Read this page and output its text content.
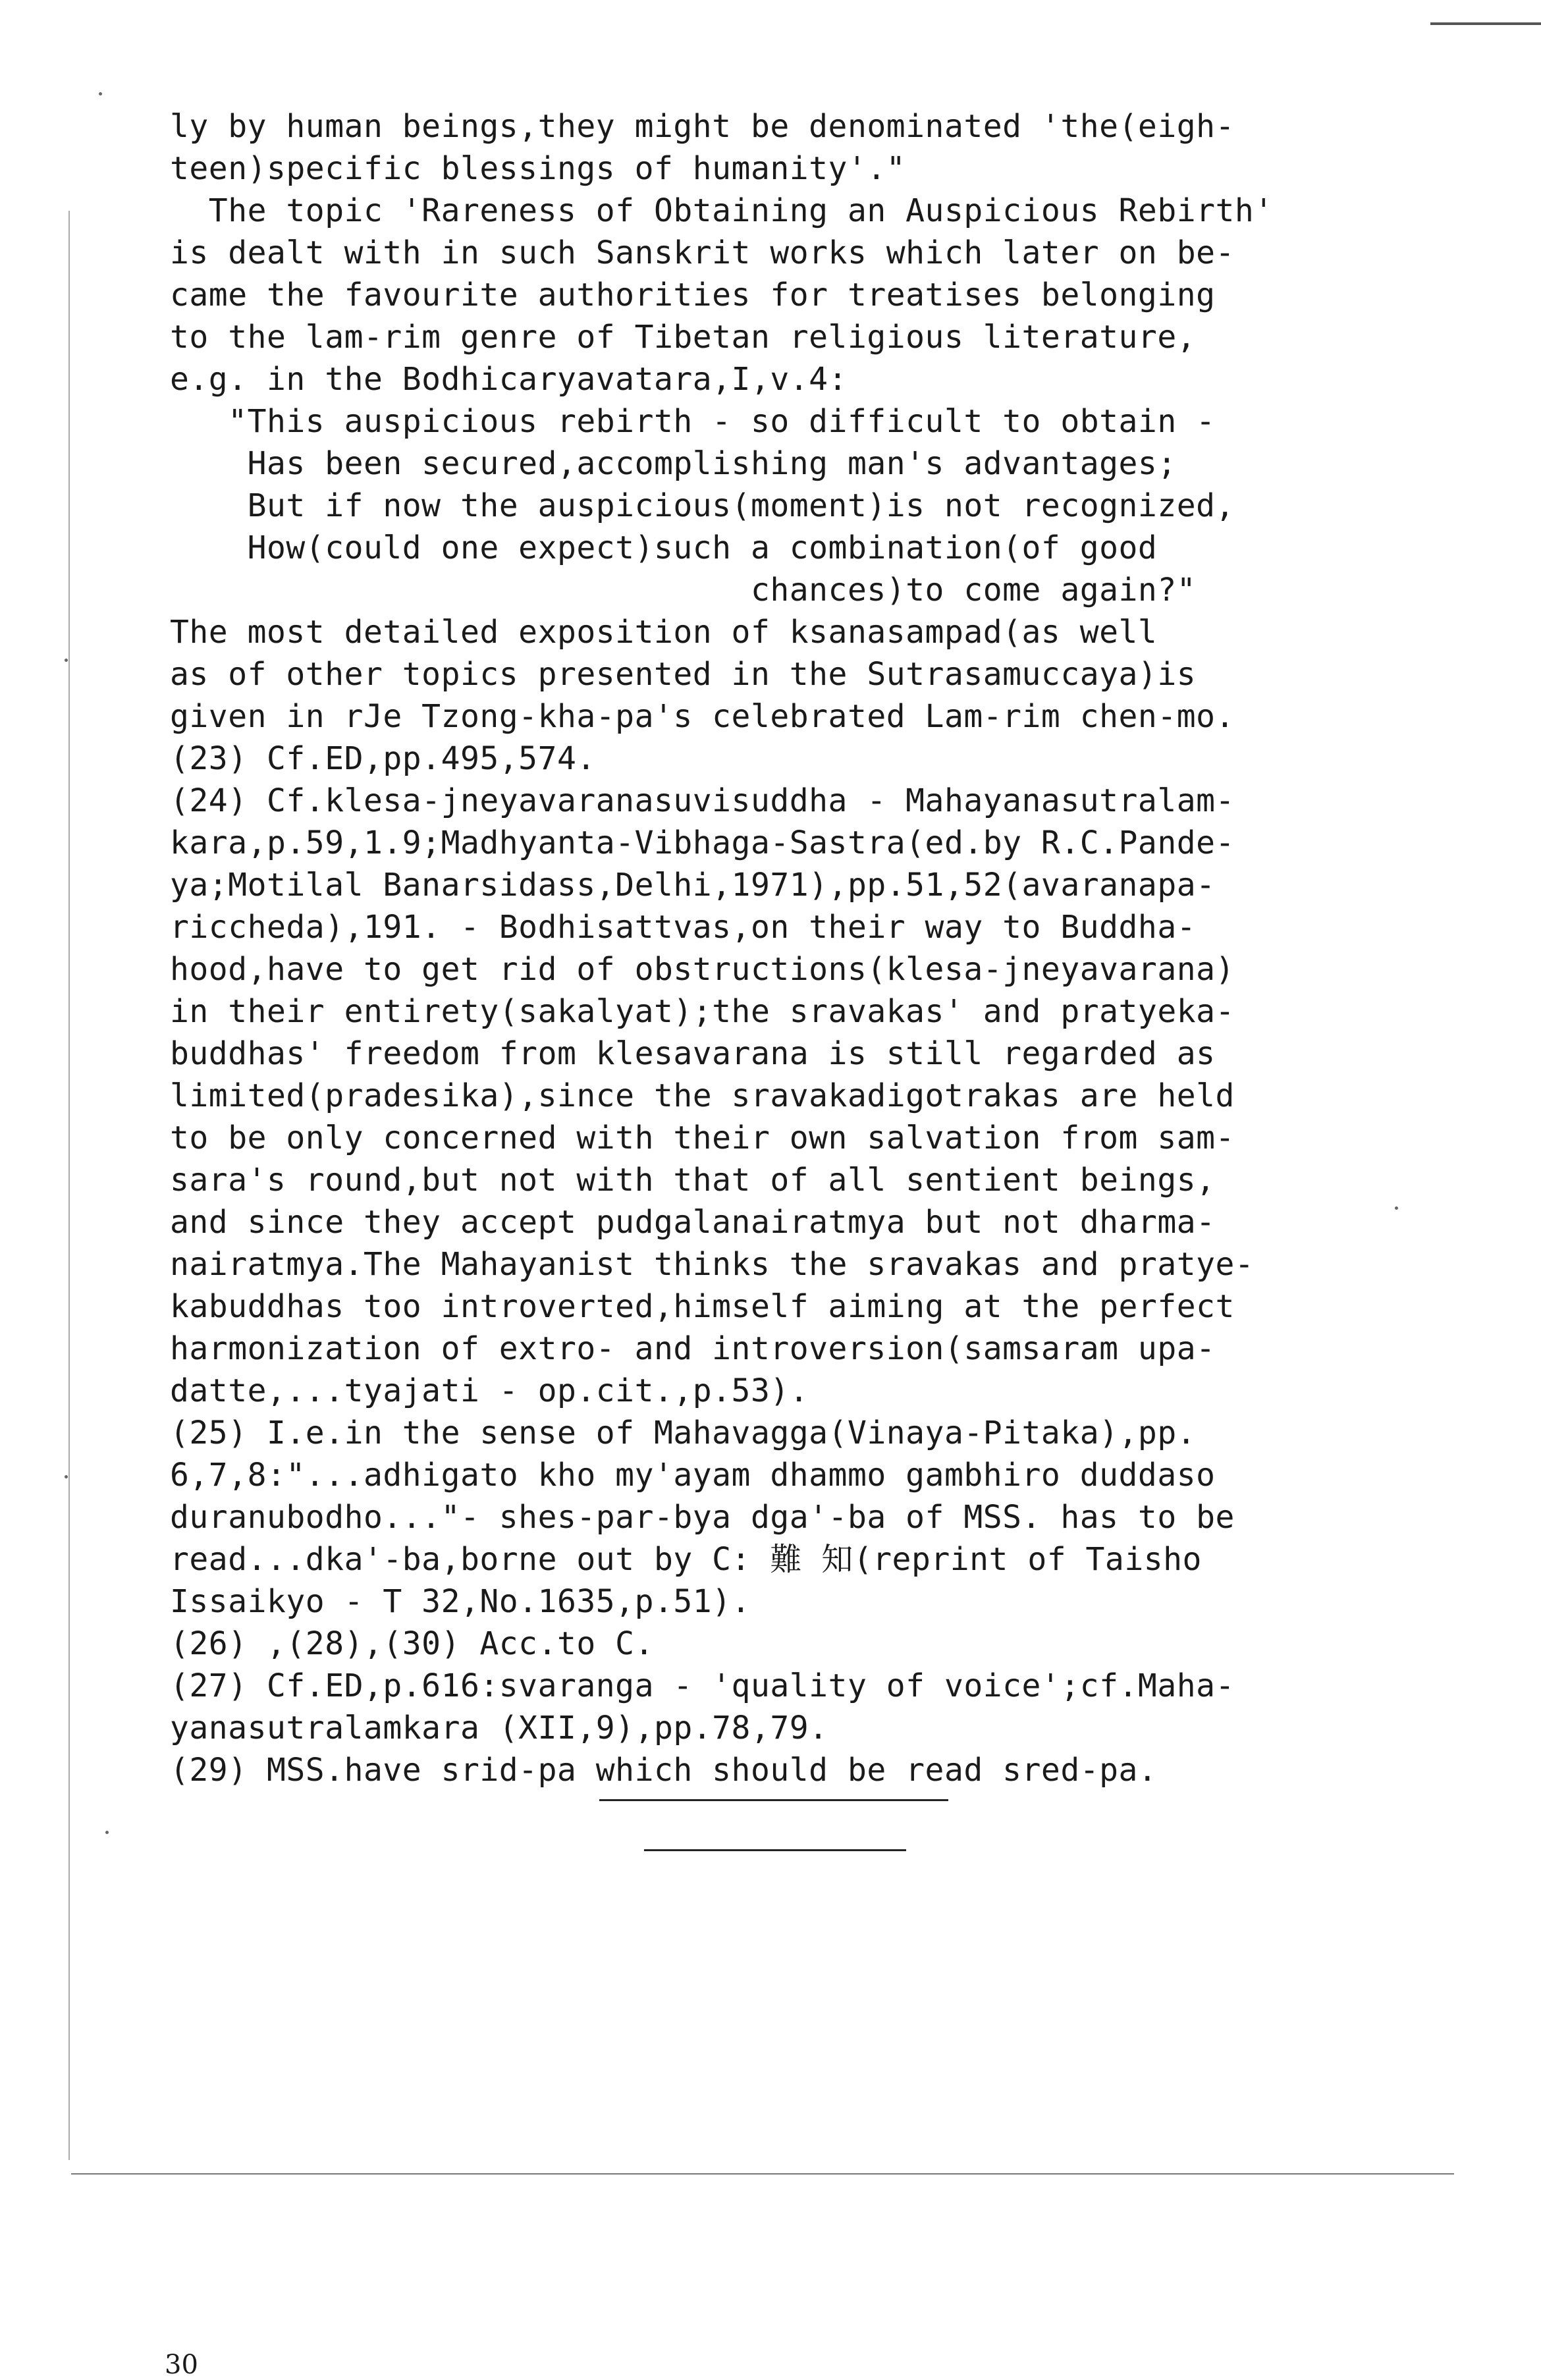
ly by human beings,they might be denominated 'the(eigh-
teen)specific blessings of humanity'."
The topic 'Rareness of Obtaining an Auspicious Rebirth'
is dealt with in such Sanskrit works which later on be-
came the favourite authorities for treatises belonging
to the lam-rim genre of Tibetan religious literature,
e.g. in the Bodhicaryavatara,I,v.4:
"This auspicious rebirth - so difficult to obtain -
Has been secured,accomplishing man's advantages;
But if now the auspicious(moment)is not recognized,
How(could one expect)such a combination(of good
chances)to come again?"
The most detailed exposition of ksanasampad(as well
as of other topics presented in the Sutrasamuccaya)is
given in rJe Tzong-kha-pa's celebrated Lam-rim chen-mo.
(23) Cf.ED,pp.495,574.
(24) Cf.klesa-jneyavaranasuvisuddha - Mahayanasutralam-
kara,p.59,1.9;Madhyanta-Vibhaga-Sastra(ed.by R.C.Pande-
ya;Motilal Banarsidass,Delhi,1971),pp.51,52(avaranapa-
riccheda),191. - Bodhisattvas,on their way to Buddha-
hood,have to get rid of obstructions(klesa-jneyavarana)
in their entirety(sakalyat);the sravakas' and pratyeka-
buddhas' freedom from klesavarana is still regarded as
limited(pradesika),since the sravakadigotrakas are held
to be only concerned with their own salvation from sam-
sara's round,but not with that of all sentient beings,
and since they accept pudgalanairatmya but not dharma-
nairatmya.The Mahayanist thinks the sravakas and pratye-
kabuddhas too introverted,himself aiming at the perfect
harmonization of extro- and introversion(samsaram upa-
datte,...tyajati - op.cit.,p.53).
(25) I.e.in the sense of Mahavagga(Vinaya-Pitaka),pp.
6,7,8:"...adhigato kho my'ayam dhammo gambhiro duddaso
duranubodho..."- shes-par-bya dga'-ba of MSS. has to be
read...dka'-ba,borne out by C: 難 知(reprint of Taisho
Issaikyo - T 32,No.1635,p.51).
(26) ,(28),(30) Acc.to C.
(27) Cf.ED,p.616:svaranga - 'quality of voice';cf.Maha-
yanasutralamkara (XII,9),pp.78,79.
(29) MSS.have srid-pa which should be read sred-pa.
30
